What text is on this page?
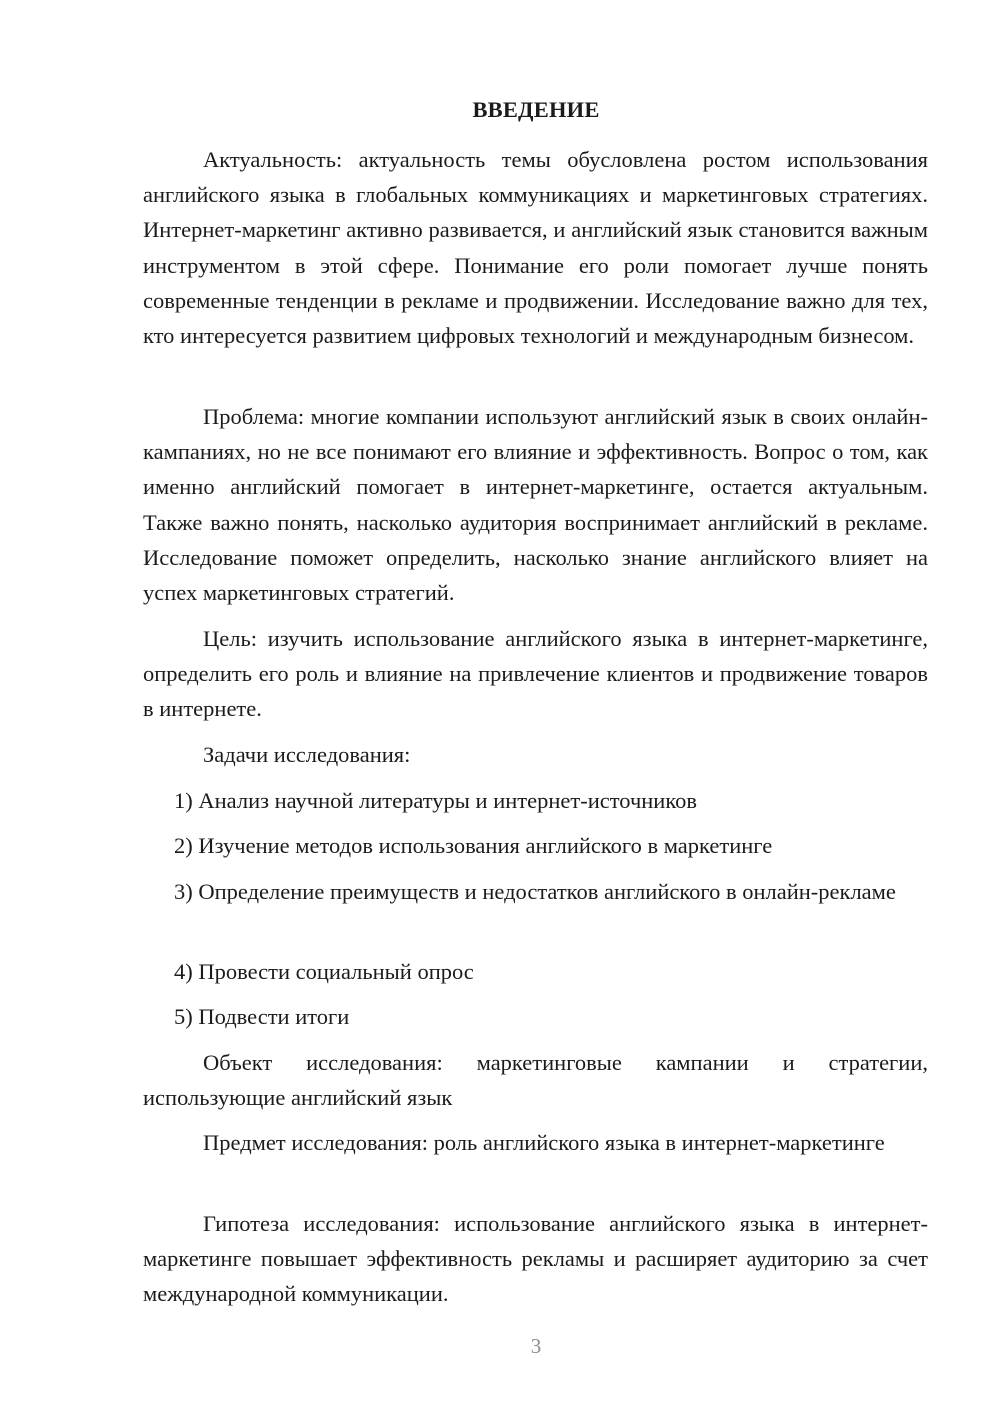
ВВЕДЕНИЕ

Актуальность: актуальность темы обусловлена ростом использования английского языка в глобальных коммуникациях и маркетинговых стратегиях. Интернет-маркетинг активно развивается, и английский язык становится важным инструментом в этой сфере. Понимание его роли помогает лучше понять современные тенденции в рекламе и продвижении. Исследование важно для тех, кто интересуется развитием цифровых технологий и международным бизнесом.

Проблема: многие компании используют английский язык в своих онлайн-кампаниях, но не все понимают его влияние и эффективность. Вопрос о том, как именно английский помогает в интернет-маркетинге, остается актуальным. Также важно понять, насколько аудитория воспринимает английский в рекламе. Исследование поможет определить, насколько знание английского влияет на успех маркетинговых стратегий.

Цель: изучить использование английского языка в интернет-маркетинге, определить его роль и влияние на привлечение клиентов и продвижение товаров в интернете.

Задачи исследования:

1) Анализ научной литературы и интернет-источников

2) Изучение методов использования английского в маркетинге

3) Определение преимуществ и недостатков английского в онлайн-рекламе

4) Провести социальный опрос

5) Подвести итоги

Объект исследования: маркетинговые кампании и стратегии, использующие английский язык

Предмет исследования: роль английского языка в интернет-маркетинге

Гипотеза исследования: использование английского языка в интернет-маркетинге повышает эффективность рекламы и расширяет аудиторию за счет международной коммуникации.

3
